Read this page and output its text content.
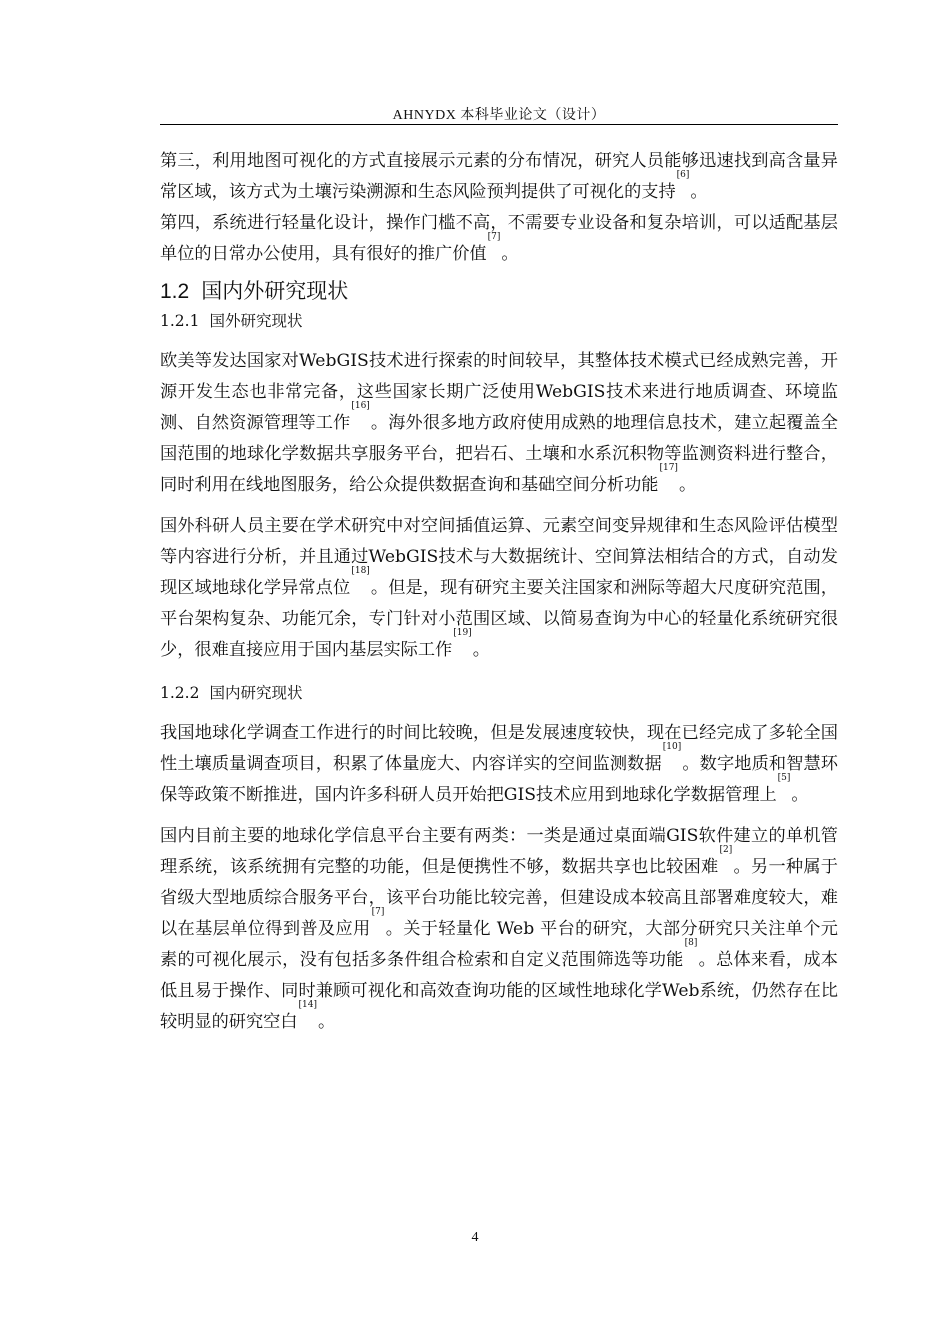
AHNYDX 本科毕业论文（设计）

第三，利用地图可视化的方式直接展示元素的分布情况，研究人员能够迅速找到高含量异常区域，该方式为土壤污染溯源和生态风险预判提供了可视化的支持[6]。

第四，系统进行轻量化设计，操作门槛不高，不需要专业设备和复杂培训，可以适配基层单位的日常办公使用，具有很好的推广价值[7]。

1.2 国内外研究现状
1.2.1 国外研究现状

欧美等发达国家对WebGIS技术进行探索的时间较早，其整体技术模式已经成熟完善，开源开发生态也非常完备，这些国家长期广泛使用WebGIS技术来进行地质调查、环境监测、自然资源管理等工作[16]。海外很多地方政府使用成熟的地理信息技术，建立起覆盖全国范围的地球化学数据共享服务平台，把岩石、土壤和水系沉积物等监测资料进行整合，同时利用在线地图服务，给公众提供数据查询和基础空间分析功能[17]。

国外科研人员主要在学术研究中对空间插值运算、元素空间变异规律和生态风险评估模型等内容进行分析，并且通过WebGIS技术与大数据统计、空间算法相结合的方式，自动发现区域地球化学异常点位[18]。但是，现有研究主要关注国家和洲际等超大尺度研究范围，平台架构复杂、功能冗余，专门针对小范围区域、以简易查询为中心的轻量化系统研究很少，很难直接应用于国内基层实际工作[19]。

1.2.2 国内研究现状

我国地球化学调查工作进行的时间比较晚，但是发展速度较快，现在已经完成了多轮全国性土壤质量调查项目，积累了体量庞大、内容详实的空间监测数据[10]。数字地质和智慧环保等政策不断推进，国内许多科研人员开始把GIS技术应用到地球化学数据管理上[5]。

国内目前主要的地球化学信息平台主要有两类：一类是通过桌面端GIS软件建立的单机管理系统，该系统拥有完整的功能，但是便携性不够，数据共享也比较困难[2]。另一种属于省级大型地质综合服务平台，该平台功能比较完善，但建设成本较高且部署难度较大，难以在基层单位得到普及应用[7]。关于轻量化 Web 平台的研究，大部分研究只关注单个元素的可视化展示，没有包括多条件组合检索和自定义范围筛选等功能[8]。总体来看，成本低且易于操作、同时兼顾可视化和高效查询功能的区域性地球化学Web系统，仍然存在比较明显的研究空白[14]。

4
